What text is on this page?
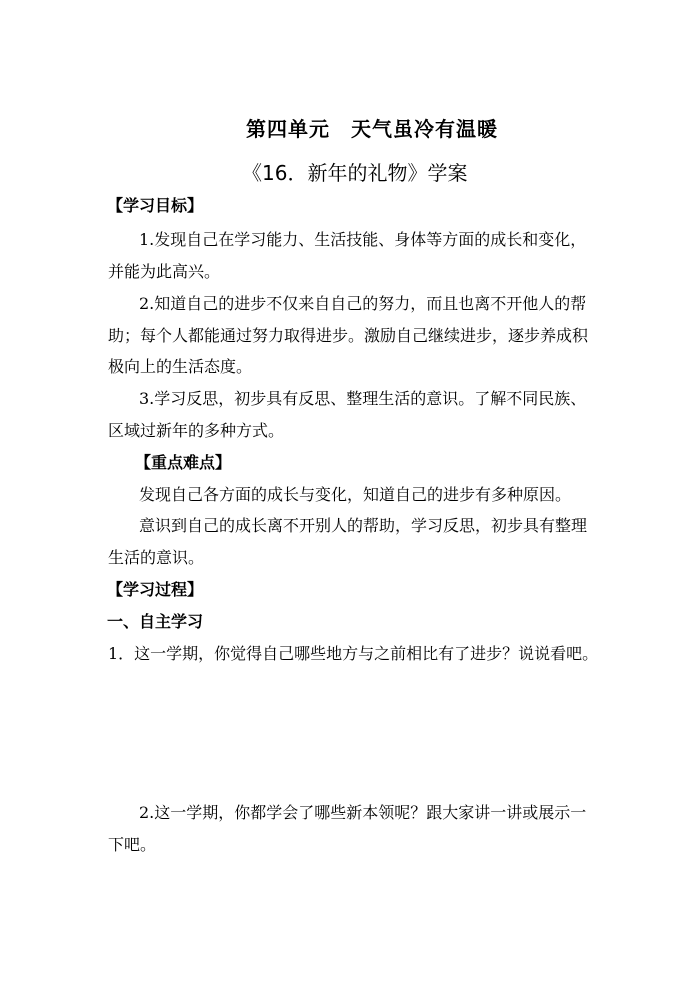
第四单元　天气虽冷有温暖
《16．新年的礼物》学案
【学习目标】
1.发现自己在学习能力、生活技能、身体等方面的成长和变化，
并能为此高兴。
2.知道自己的进步不仅来自自己的努力，而且也离不开他人的帮
助；每个人都能通过努力取得进步。激励自己继续进步，逐步养成积
极向上的生活态度。
3.学习反思，初步具有反思、整理生活的意识。了解不同民族、
区域过新年的多种方式。
【重点难点】
发现自己各方面的成长与变化，知道自己的进步有多种原因。
意识到自己的成长离不开别人的帮助，学习反思，初步具有整理
生活的意识。
【学习过程】
一、自主学习
1．这一学期，你觉得自己哪些地方与之前相比有了进步？说说看吧。
2.这一学期，你都学会了哪些新本领呢？跟大家讲一讲或展示一
下吧。
